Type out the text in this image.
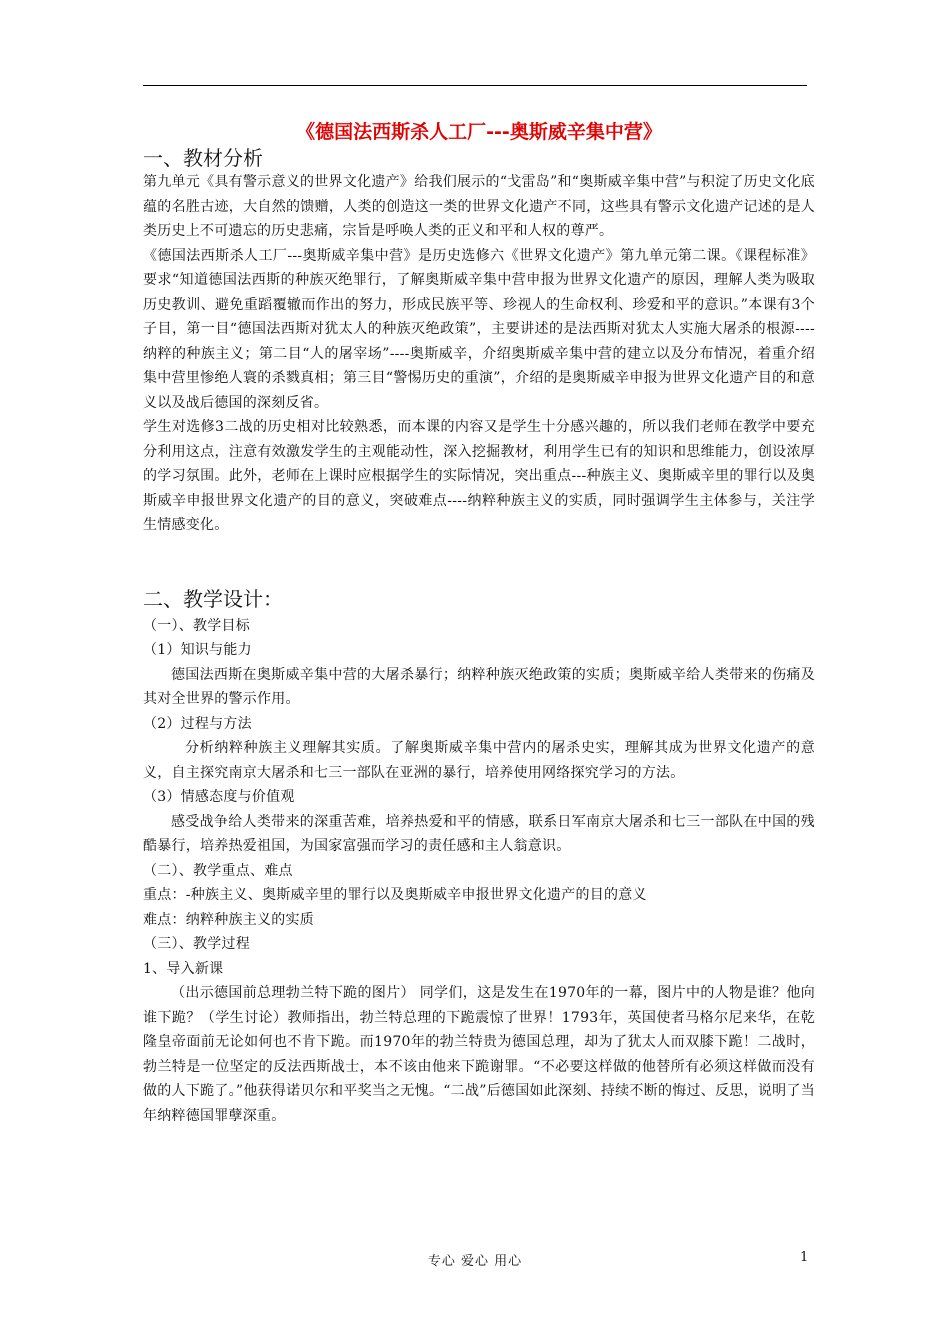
《德国法西斯杀人工厂---奥斯威辛集中营》

一、教材分析

第九单元《具有警示意义的世界文化遗产》给我们展示的“戈雷岛”和“奥斯威辛集中营”与积淀了历史文化底蕴的名胜古迹，大自然的馈赠，人类的创造这一类的世界文化遗产不同，这些具有警示文化遗产记述的是人类历史上不可遗忘的历史悲痛，宗旨是呼唤人类的正义和平和人权的尊严。

《德国法西斯杀人工厂---奥斯威辛集中营》是历史选修六《世界文化遗产》第九单元第二课。《课程标准》要求“知道德国法西斯的种族灭绝罪行，了解奥斯威辛集中营申报为世界文化遗产的原因，理解人类为吸取历史教训、避免重蹈覆辙而作出的努力，形成民族平等、珍视人的生命权利、珍爱和平的意识。”本课有3个子目，第一目“德国法西斯对犹太人的种族灭绝政策”，主要讲述的是法西斯对犹太人实施大屠杀的根源----纳粹的种族主义；第二目“人的屠宰场”----奥斯威辛，介绍奥斯威辛集中营的建立以及分布情况，着重介绍集中营里惨绝人寰的杀戮真相；第三目“警惕历史的重演”，介绍的是奥斯威辛申报为世界文化遗产目的和意义以及战后德国的深刻反省。

学生对选修3二战的历史相对比较熟悉，而本课的内容又是学生十分感兴趣的，所以我们老师在教学中要充分利用这点，注意有效激发学生的主观能动性，深入挖掘教材，利用学生已有的知识和思维能力，创设浓厚的学习氛围。此外，老师在上课时应根据学生的实际情况，突出重点---种族主义、奥斯威辛里的罪行以及奥斯威辛申报世界文化遗产的目的意义，突破难点----纳粹种族主义的实质，同时强调学生主体参与，关注学生情感变化。

二、教学设计：

（一）、教学目标

（1）知识与能力

德国法西斯在奥斯威辛集中营的大屠杀暴行；纳粹种族灭绝政策的实质；奥斯威辛给人类带来的伤痛及其对全世界的警示作用。

（2）过程与方法

分析纳粹种族主义理解其实质。了解奥斯威辛集中营内的屠杀史实，理解其成为世界文化遗产的意义，自主探究南京大屠杀和七三一部队在亚洲的暴行，培养使用网络探究学习的方法。

（3）情感态度与价值观

感受战争给人类带来的深重苦难，培养热爱和平的情感，联系日军南京大屠杀和七三一部队在中国的残酷暴行，培养热爱祖国，为国家富强而学习的责任感和主人翁意识。

（二）、教学重点、难点

重点：-种族主义、奥斯威辛里的罪行以及奥斯威辛申报世界文化遗产的目的意义

难点：纳粹种族主义的实质

（三）、教学过程

1、导入新课

（出示德国前总理勃兰特下跪的图片） 同学们，这是发生在1970年的一幕，图片中的人物是谁？他向谁下跪？（学生讨论）教师指出，勃兰特总理的下跪震惊了世界！1793年，英国使者马格尔尼来华，在乾隆皇帝面前无论如何也不肯下跪。而1970年的勃兰特贵为德国总理，却为了犹太人而双膝下跪！二战时，勃兰特是一位坚定的反法西斯战士，本不该由他来下跪谢罪。“不必要这样做的他替所有必须这样做而没有做的人下跪了。”他获得诺贝尔和平奖当之无愧。“二战”后德国如此深刻、持续不断的悔过、反思，说明了当年纳粹德国罪孽深重。

专心 爱心 用心	1
